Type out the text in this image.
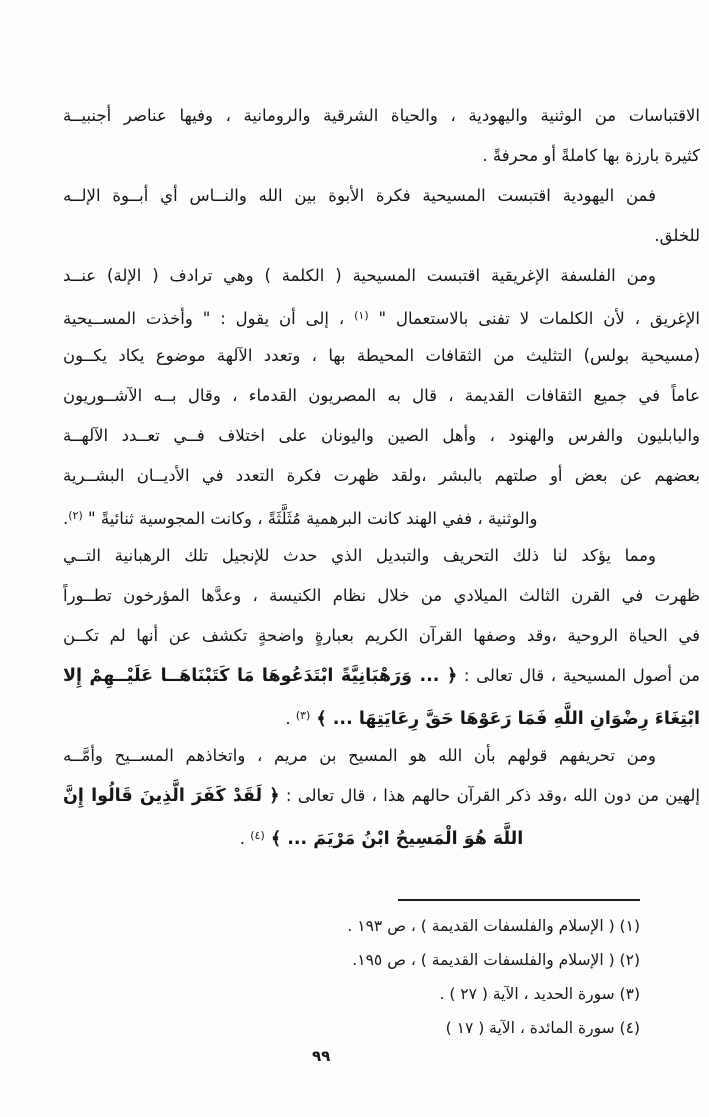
الاقتباسات من الوثنية واليهودية ، والحياة الشرقية والرومانية ، وفيها عناصر أجنبيــة
كثيرة بارزة بها كاملةً أو محرفةً .
فمن اليهودية اقتبست المسيحية فكرة الأبوة بين الله والنــاس أي أبــوة الإلــه
للخلق.
ومن الفلسفة الإغريقية اقتبست المسيحية ( الكلمة ) وهي ترادف ( الإلة) عنــد
الإغريق ، لأن الكلمات لا تفنى بالاستعمال " $^{(١)}$ ، إلى أن يقول : " وأخذت المســيحية
(مسيحية بولس) التثليث من الثقافات المحيطة بها ، وتعدد الآلهة موضوع يكاد يكــون
عاماً في جميع الثقافات القديمة ، قال به المصريون القدماء ، وقال بــه الآشــوريون
والبابليون والفرس والهنود ، وأهل الصين واليونان على اختلاف فــي تعــدد الآلهــة
بعضهم عن بعض أو صلتهم بالبشر ،ولقد ظهرت فكرة التعدد في الأديــان البشــرية
والوثنية ، ففي الهند كانت البرهمية مُثَلَّثَةً ، وكانت المجوسية ثنائيةً " $^{(٢)}$.
ومما يؤكد لنا ذلك التحريف والتبديل الذي حدث للإنجيل تلك الرهبانية التــي
ظهرت في القرن الثالث الميلادي من خلال نظام الكنيسة ، وعدَّها المؤرخون تطــوراً
في الحياة الروحية ،وقد وصفها القرآن الكريم بعبارةٍ واضحةٍ تكشف عن أنها لم تكــن
من أصول المسيحية ، قال تعالى : ﴿ ... وَرَهْبَانِيَّةً ابْتَدَعُوهَا مَا كَتَبْنَاهَــا عَلَيْــهِمْ إِلا
ابْتِغَاءَ رِضْوَانِ اللَّهِ فَمَا رَعَوْهَا حَقَّ رِعَايَتِهَا ... ﴾ $^{(٣)}$ .
ومن تحريفهم قولهم بأن الله هو المسيح بن مريم ، واتخاذهم المســيح وأمَّــه
إلهين من دون الله ،وقد ذكر القرآن حالهم هذا ، قال تعالى : ﴿ لَقَدْ كَفَرَ الَّذِينَ قَالُوا إِنَّ
اللَّهَ هُوَ الْمَسِيحُ ابْنُ مَرْيَمَ ... ﴾ $^{(٤)}$ .
(١) ( الإسلام والفلسفات القديمة ) ، ص ١٩٣ .
(٢) ( الإسلام والفلسفات القديمة ) ، ص ١٩٥.
(٣) سورة الحديد ، الآية ( ٢٧ ) .
(٤) سورة المائدة ، الآية ( ١٧ )
٩٩
